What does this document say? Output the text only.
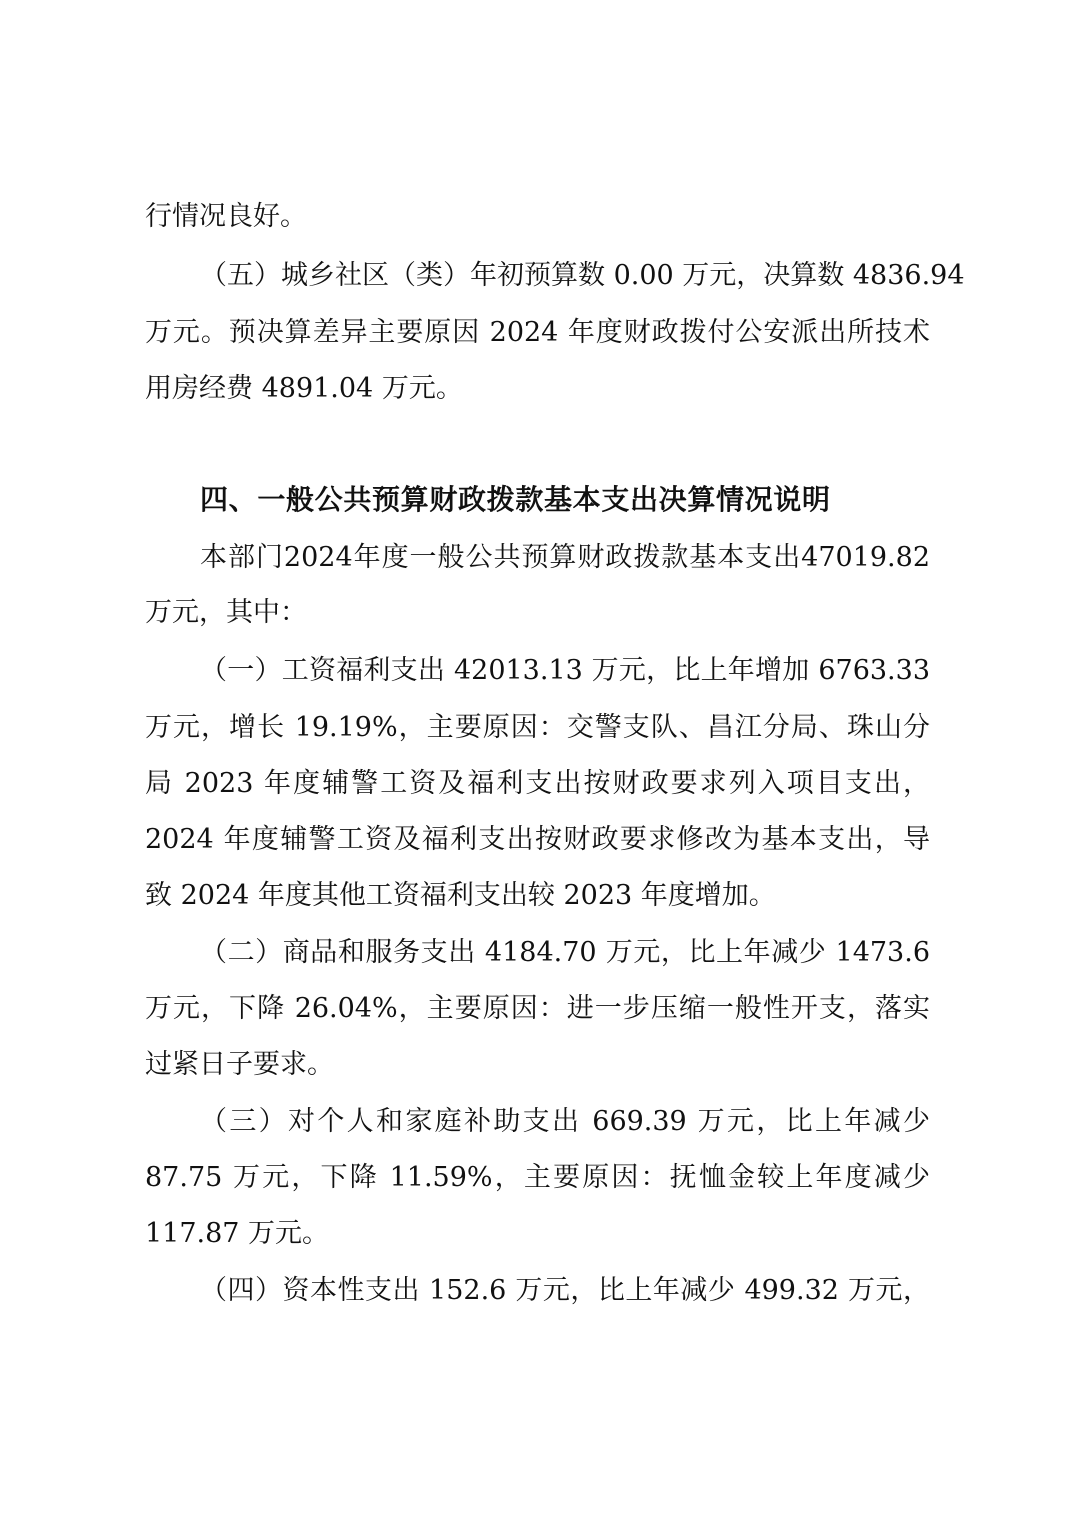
行情况良好。
（五）城乡社区（类）年初预算数 0.00 万元，决算数 4836.94
万元。预决算差异主要原因 2024 年度财政拨付公安派出所技术
用房经费 4891.04 万元。
四、一般公共预算财政拨款基本支出决算情况说明
本部门2024年度一般公共预算财政拨款基本支出47019.82
万元，其中：
（一）工资福利支出 42013.13 万元，比上年增加 6763.33
万元，增长 19.19%，主要原因：交警支队、昌江分局、珠山分
局 2023 年度辅警工资及福利支出按财政要求列入项目支出，
2024 年度辅警工资及福利支出按财政要求修改为基本支出，导
致 2024 年度其他工资福利支出较 2023 年度增加。
（二）商品和服务支出 4184.70 万元，比上年减少 1473.6
万元，下降 26.04%，主要原因：进一步压缩一般性开支，落实
过紧日子要求。
（三）对个人和家庭补助支出 669.39 万元，比上年减少
87.75 万元，下降 11.59%，主要原因：抚恤金较上年度减少
117.87 万元。
（四）资本性支出 152.6 万元，比上年减少 499.32 万元，
